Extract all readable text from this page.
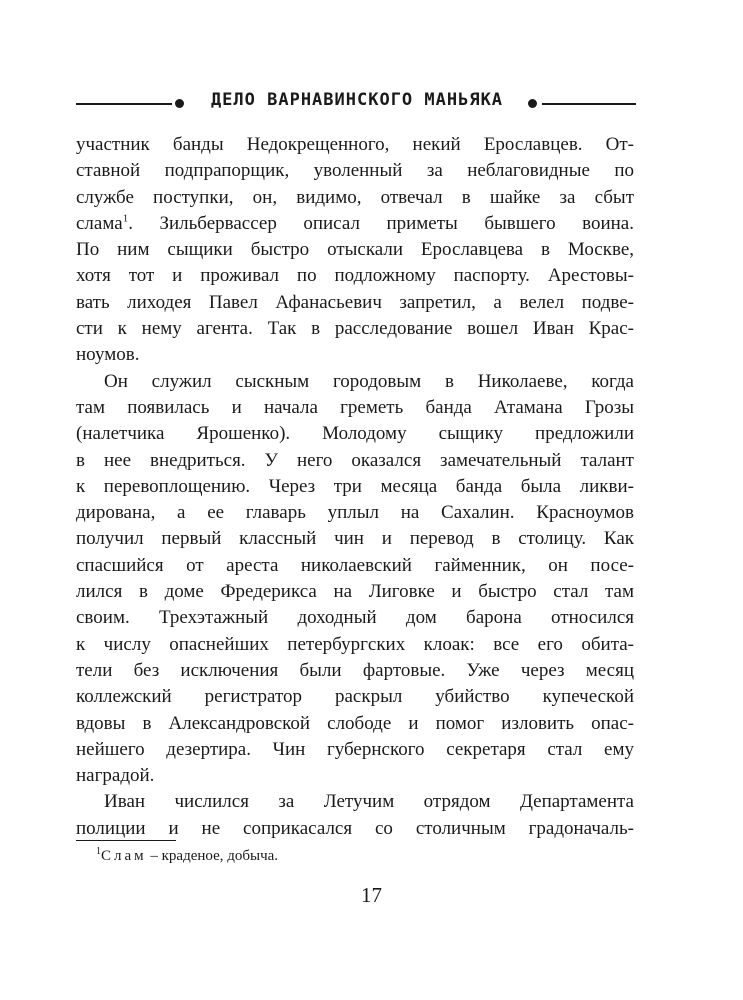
ДЕЛО ВАРНАВИНСКОГО МАНЬЯКА
участник банды Недокрещенного, некий Ерославцев. От-
ставной подпрапорщик, уволенный за неблаговидные по
службе поступки, он, видимо, отвечал в шайке за сбыт
слама$^1$. Зильбервассер описал приметы бывшего воина.
По ним сыщики быстро отыскали Ерославцева в Москве,
хотя тот и проживал по подложному паспорту. Арестовы-
вать лиходея Павел Афанасьевич запретил, а велел подве-
сти к нему агента. Так в расследование вошел Иван Крас-
ноумов.
Он служил сыскным городовым в Николаеве, когда
там появилась и начала греметь банда Атамана Грозы
(налетчика Ярошенко). Молодому сыщику предложили
в нее внедриться. У него оказался замечательный талант
к перевоплощению. Через три месяца банда была ликви-
дирована, а ее главарь уплыл на Сахалин. Красноумов
получил первый классный чин и перевод в столицу. Как
спасшийся от ареста николаевский гайменник, он посе-
лился в доме Фредерикса на Лиговке и быстро стал там
своим. Трехэтажный доходный дом барона относился
к числу опаснейших петербургских клоак: все его обита-
тели без исключения были фартовые. Уже через месяц
коллежский регистратор раскрыл убийство купеческой
вдовы в Александровской слободе и помог изловить опас-
нейшего дезертира. Чин губернского секретаря стал ему
наградой.
Иван числился за Летучим отрядом Департамента
полиции и не соприкасался со столичным градоначаль-
$^1$Слам – краденое, добыча.
17
